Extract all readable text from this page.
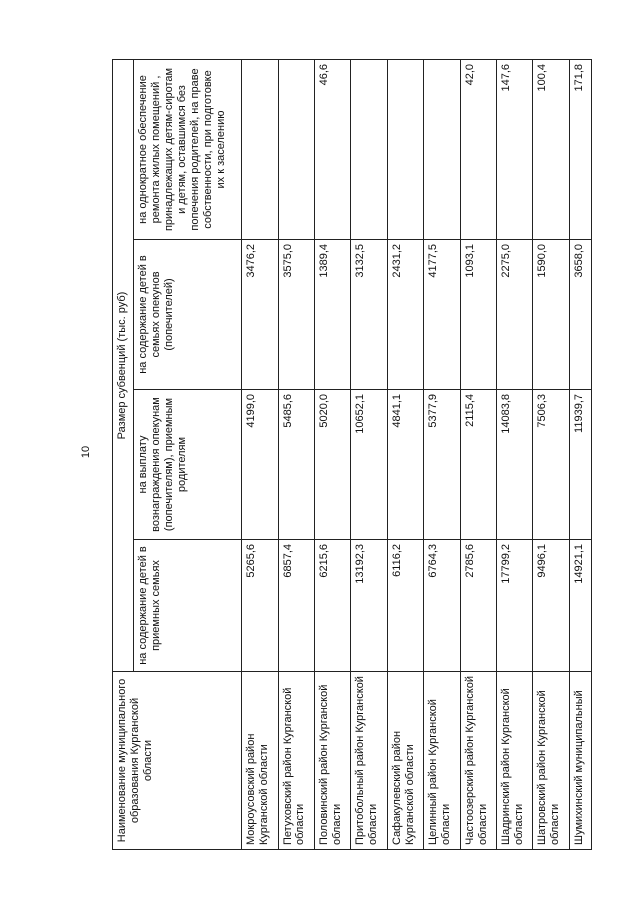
10
Наименование муниципального образования Курганской области	Размер субвенций (тыс. руб)			
	на содержание детей в приемных семьях	на выплату вознаграждения опекунам (попечителям), приемным родителям	на содержание детей в семьях опекунов (попечителей)	на однократное обеспечение ремонта жилых помещений , принадлежащих детям-сиротам и детям, оставшимся без попечения родителей, на праве собственности, при подготовке их к заселению
Мокроусовский район Курганской области	5265,6	4199,0	3476,2	
Петуховский район Курганской области	6857,4	5485,6	3575,0	
Половинский район Курганской области	6215,6	5020,0	1389,4	46,6
Притобольный район Курганской области	13192,3	10652,1	3132,5	
Сафакулевский район Курганской области	6116,2	4841,1	2431,2	
Целинный район Курганской области	6764,3	5377,9	4177,5	
Частоозерский район Курганской области	2785,6	2115,4	1093,1	42,0
Шадринский район Курганской области	17799,2	14083,8	2275,0	147,6
Шатровский район Курганской области	9496,1	7506,3	1590,0	100,4
Шумихинский муниципальный	14921,1	11939,7	3658,0	171,8
